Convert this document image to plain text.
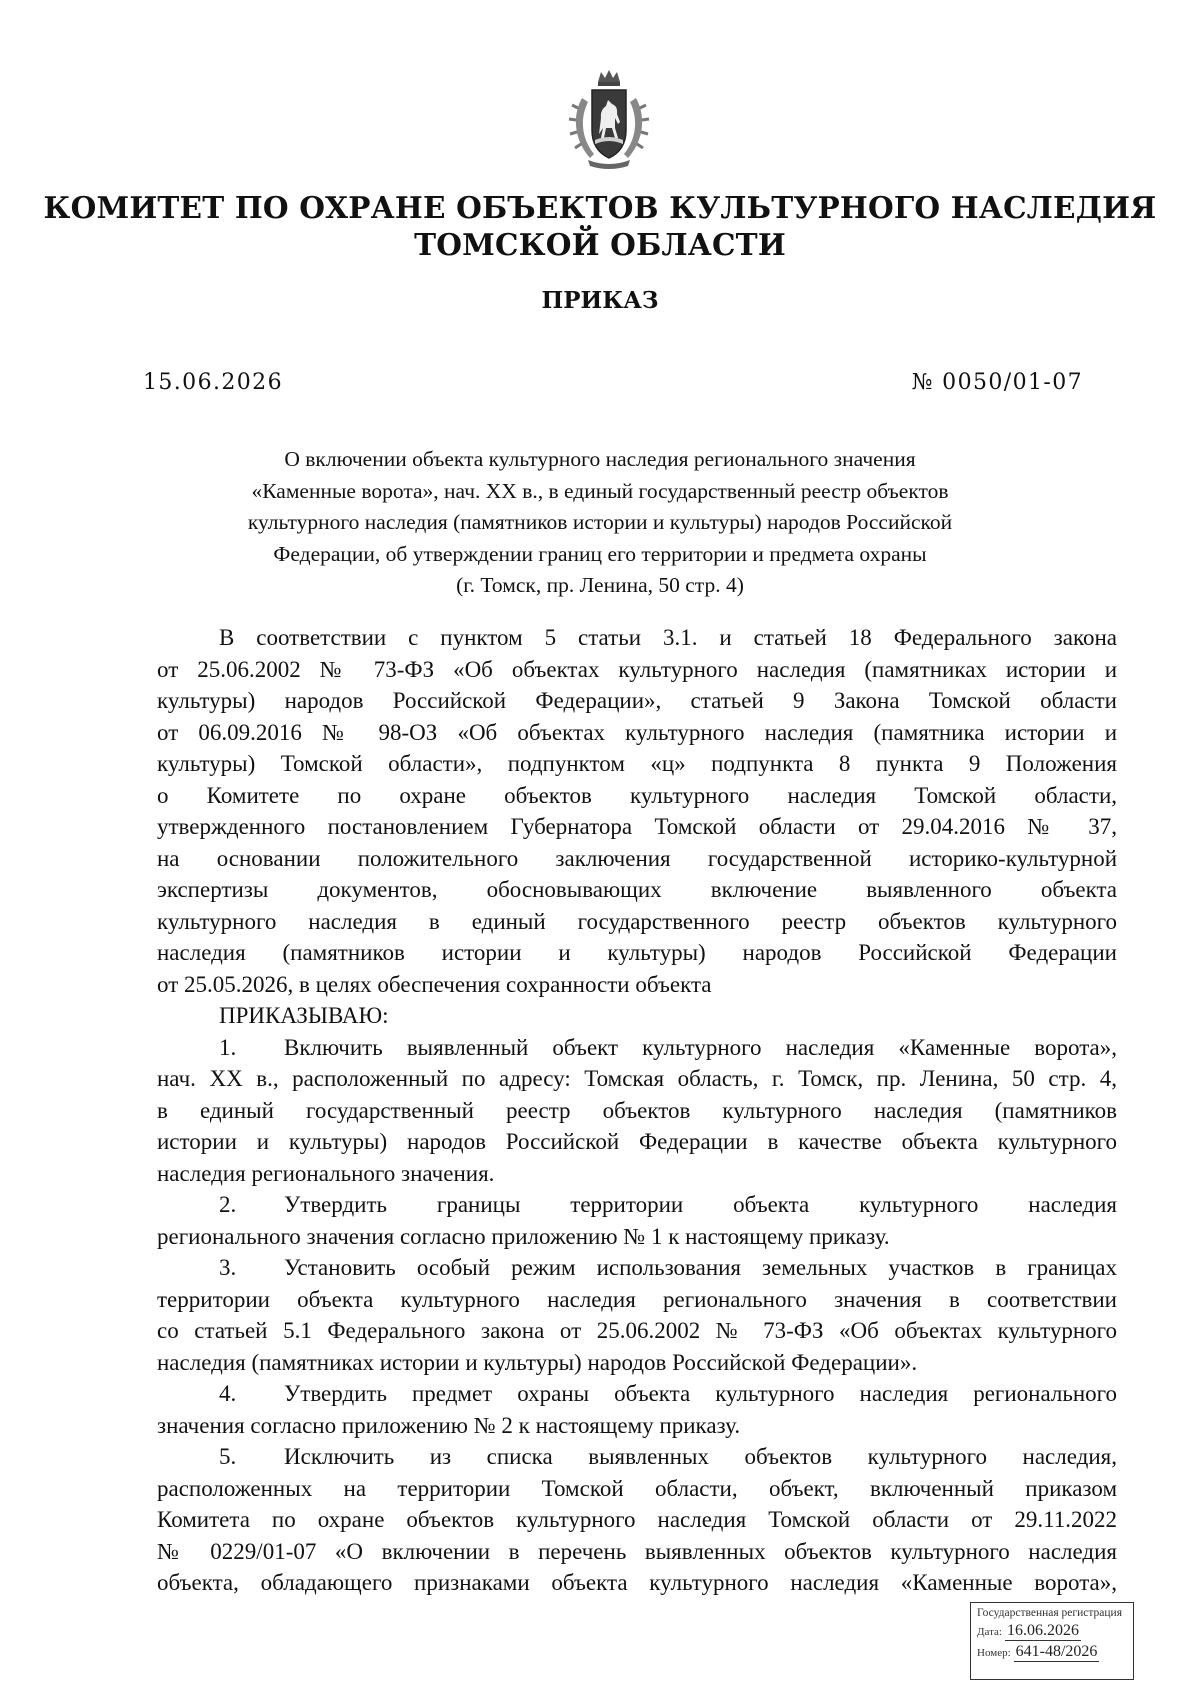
КОМИТЕТ ПО ОХРАНЕ ОБЪЕКТОВ КУЛЬТУРНОГО НАСЛЕДИЯ
ТОМСКОЙ ОБЛАСТИ
ПРИКАЗ
15.06.2026	№ 0050/01-07
О включении объекта культурного наследия регионального значения
«Каменные ворота», нач. XX в., в единый государственный реестр объектов
культурного наследия (памятников истории и культуры) народов Российской
Федерации, об утверждении границ его территории и предмета охраны
(г. Томск, пр. Ленина, 50 стр. 4)
В соответствии с пунктом 5 статьи 3.1. и статьей 18 Федерального закона
от 25.06.2002 № 73-ФЗ «Об объектах культурного наследия (памятниках истории и
культуры) народов Российской Федерации», статьей 9 Закона Томской области
от 06.09.2016 № 98-ОЗ «Об объектах культурного наследия (памятника истории и
культуры) Томской области», подпунктом «ц» подпункта 8 пункта 9 Положения
о Комитете по охране объектов культурного наследия Томской области,
утвержденного постановлением Губернатора Томской области от 29.04.2016 № 37,
на основании положительного заключения государственной историко-культурной
экспертизы документов, обосновывающих включение выявленного объекта
культурного наследия в единый государственного реестр объектов культурного
наследия (памятников истории и культуры) народов Российской Федерации
от 25.05.2026, в целях обеспечения сохранности объекта
ПРИКАЗЫВАЮ:
1. Включить выявленный объект культурного наследия «Каменные ворота»,
нач. XX в., расположенный по адресу: Томская область, г. Томск, пр. Ленина, 50 стр. 4,
в единый государственный реестр объектов культурного наследия (памятников
истории и культуры) народов Российской Федерации в качестве объекта культурного
наследия регионального значения.
2. Утвердить границы территории объекта культурного наследия
регионального значения согласно приложению № 1 к настоящему приказу.
3. Установить особый режим использования земельных участков в границах
территории объекта культурного наследия регионального значения в соответствии
со статьей 5.1 Федерального закона от 25.06.2002 № 73-ФЗ «Об объектах культурного
наследия (памятниках истории и культуры) народов Российской Федерации».
4. Утвердить предмет охраны объекта культурного наследия регионального
значения согласно приложению № 2 к настоящему приказу.
5. Исключить из списка выявленных объектов культурного наследия,
расположенных на территории Томской области, объект, включенный приказом
Комитета по охране объектов культурного наследия Томской области от 29.11.2022
№ 0229/01-07 «О включении в перечень выявленных объектов культурного наследия
объекта, обладающего признаками объекта культурного наследия «Каменные ворота»,
Государственная регистрация
Дата: 16.06.2026
Номер: 641-48/2026
